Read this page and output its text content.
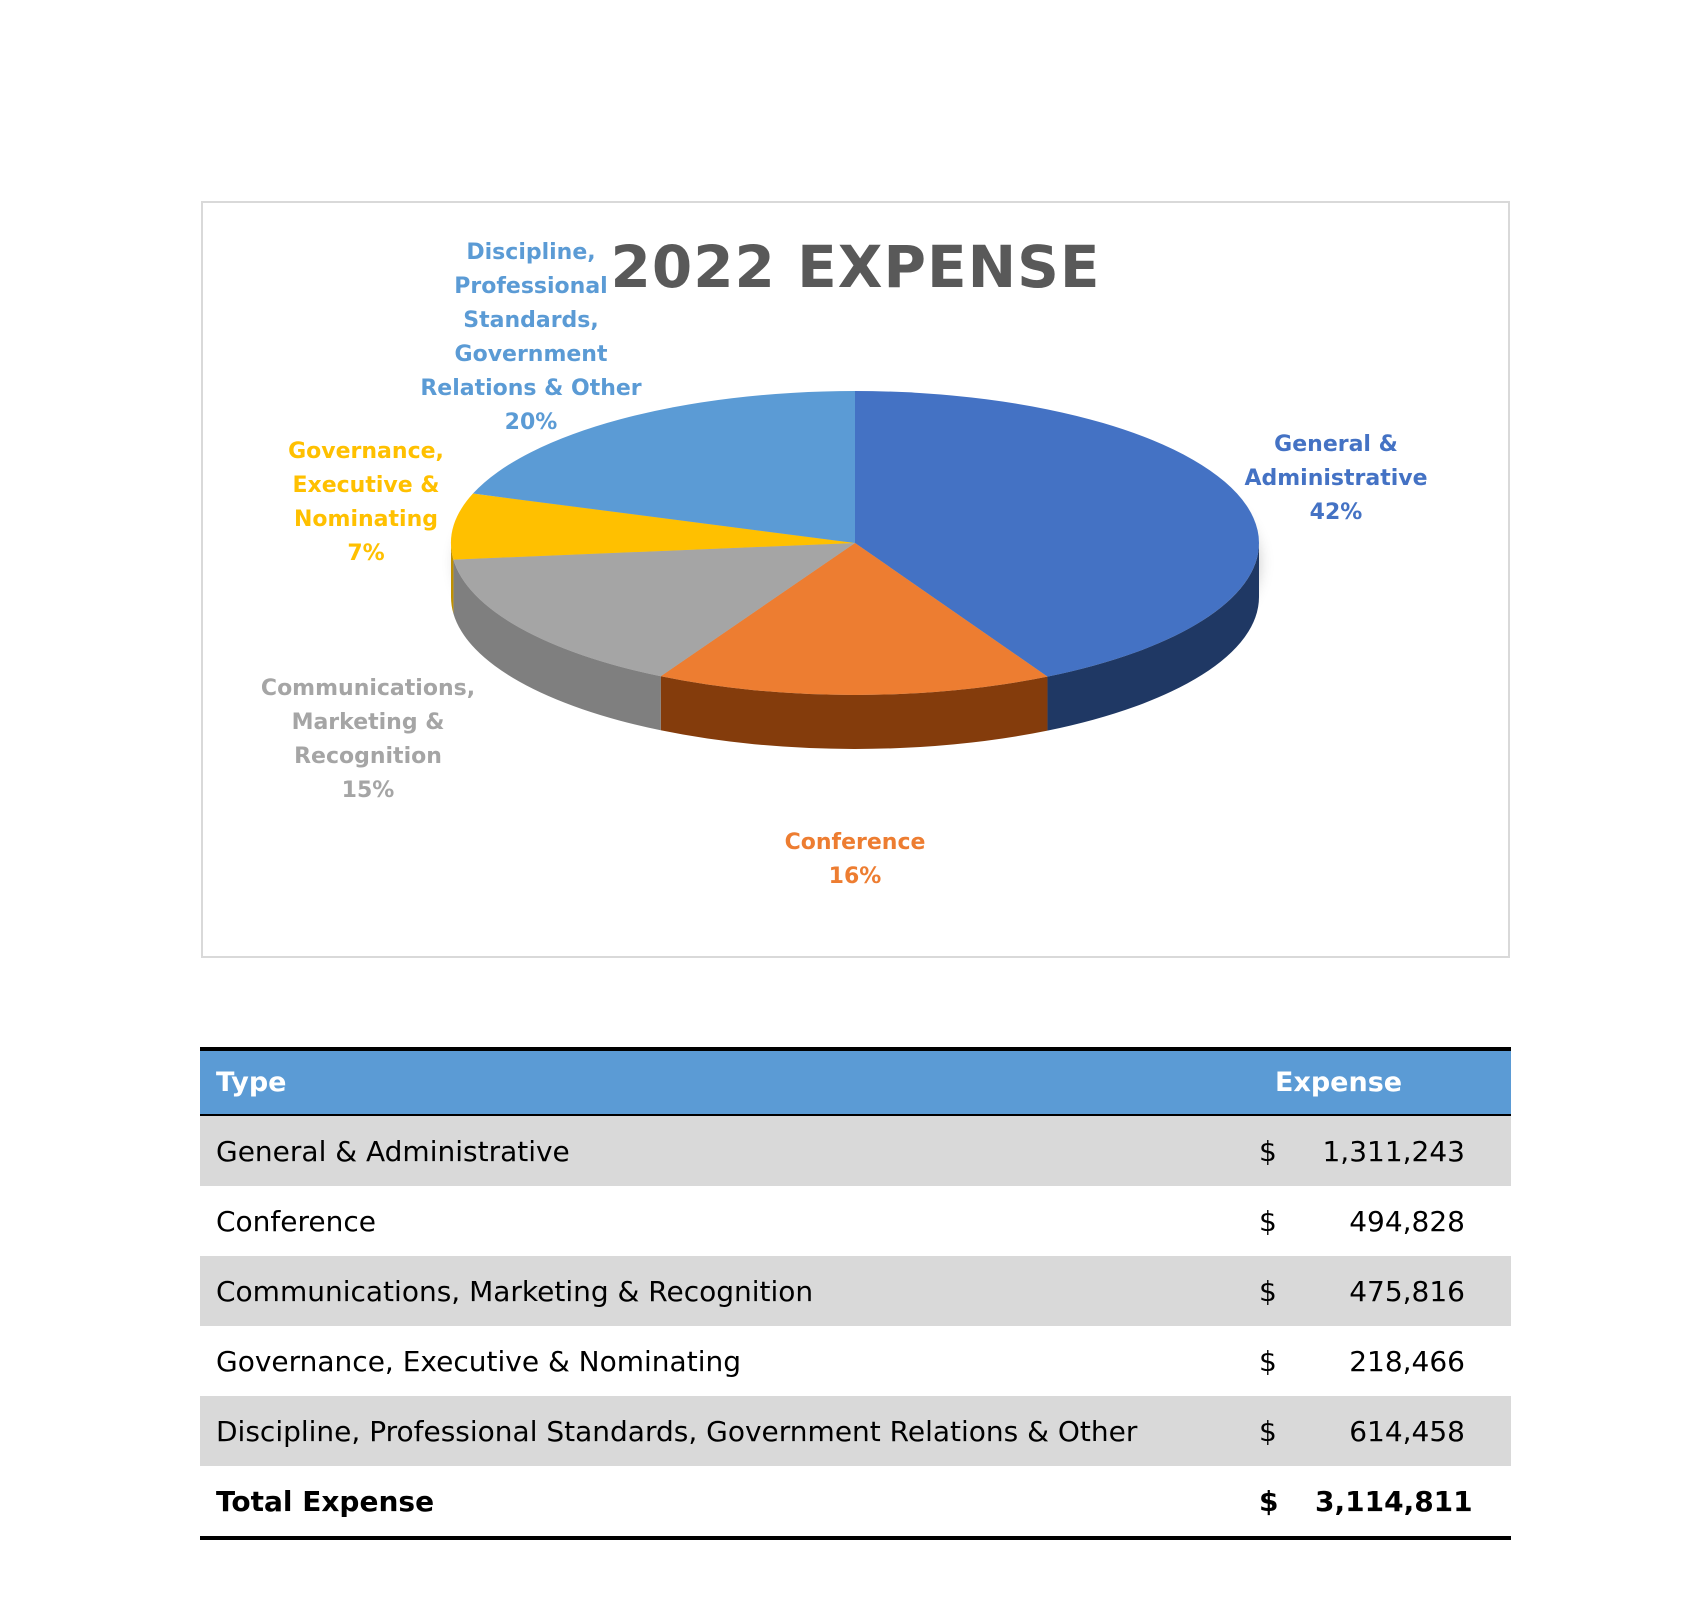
General & Administrative 42%
Conference 16%
Communications, Marketing & Recognition 15%
Governance, Executive & Nominating 7%
Discipline, Professional Standards, Government Relations & Other 20%
2022 EXPENSE
Type	Expense
General & Administrative	$	1,311,243
Conference	$	494,828
Communications, Marketing & Recognition	$	475,816
Governance, Executive & Nominating	$	218,466
Discipline, Professional Standards, Government Relations & Other	$	614,458
Total Expense	$	3,114,811
